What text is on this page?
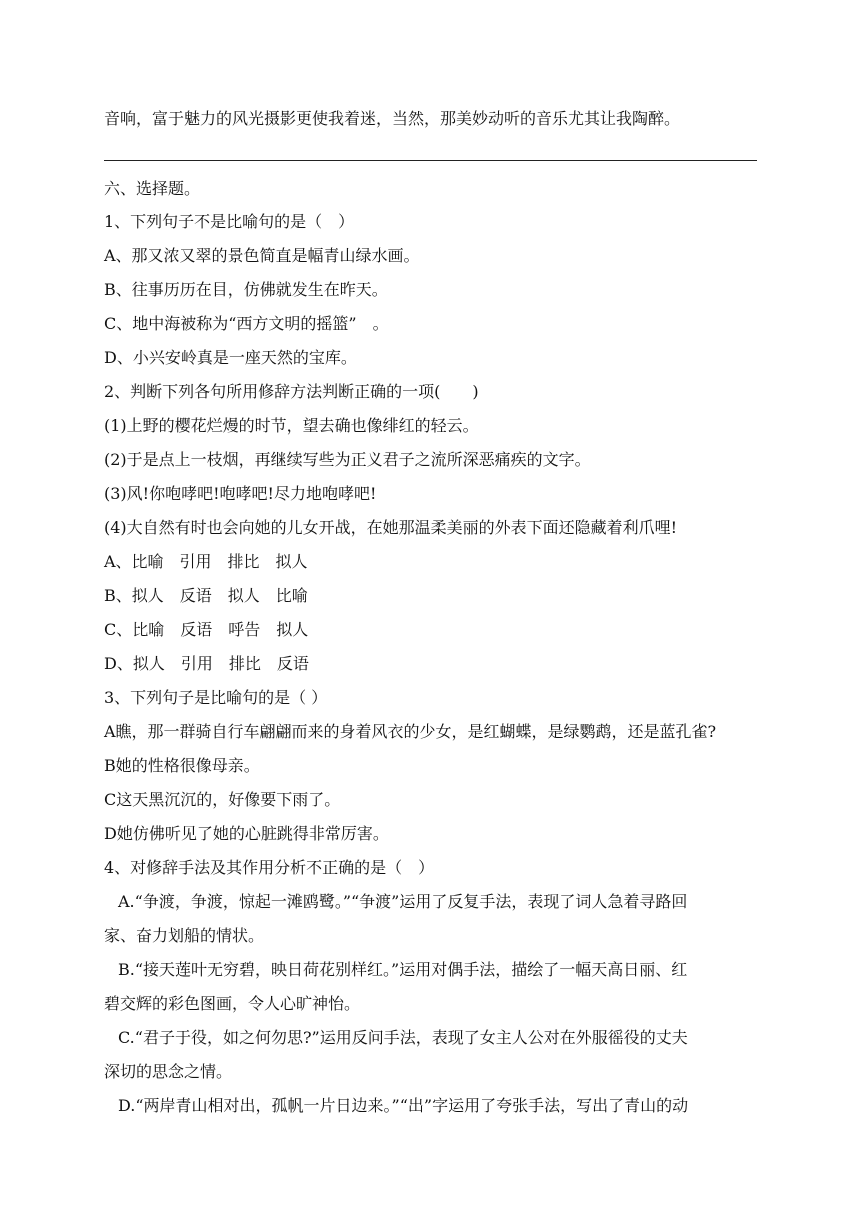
音响，富于魅力的风光摄影更使我着迷，当然，那美妙动听的音乐尤其让我陶醉。
六、选择题。
1、下列句子不是比喻句的是（　）
A、那又浓又翠的景色简直是幅青山绿水画。
B、往事历历在目，仿佛就发生在昨天。
C、地中海被称为“西方文明的摇篮”　。
D、小兴安岭真是一座天然的宝库。
2、判断下列各句所用修辞方法判断正确的一项(　　)
(1)上野的樱花烂熳的时节，望去确也像绯红的轻云。
(2)于是点上一枝烟，再继续写些为正义君子之流所深恶痛疾的文字。
(3)风!你咆哮吧!咆哮吧!尽力地咆哮吧!
(4)大自然有时也会向她的儿女开战，在她那温柔美丽的外表下面还隐藏着利爪哩!
A、比喻　引用　排比　拟人
B、拟人　反语　拟人　比喻
C、比喻　反语　呼告　拟人
D、拟人　引用　排比　反语
3、下列句子是比喻句的是（ ）
A瞧，那一群骑自行车翩翩而来的身着风衣的少女，是红蝴蝶，是绿鹦鹉，还是蓝孔雀?
B她的性格很像母亲。
C这天黑沉沉的，好像要下雨了。
D她仿佛听见了她的心脏跳得非常厉害。
4、对修辞手法及其作用分析不正确的是（　）
A.“争渡，争渡，惊起一滩鸥鹭。”“争渡”运用了反复手法，表现了词人急着寻路回
家、奋力划船的情状。
B.“接天莲叶无穷碧，映日荷花别样红。”运用对偶手法，描绘了一幅天高日丽、红
碧交辉的彩色图画，令人心旷神怡。
C.“君子于役，如之何勿思?”运用反问手法，表现了女主人公对在外服徭役的丈夫
深切的思念之情。
D.“两岸青山相对出，孤帆一片日边来。”“出”字运用了夸张手法，写出了青山的动
